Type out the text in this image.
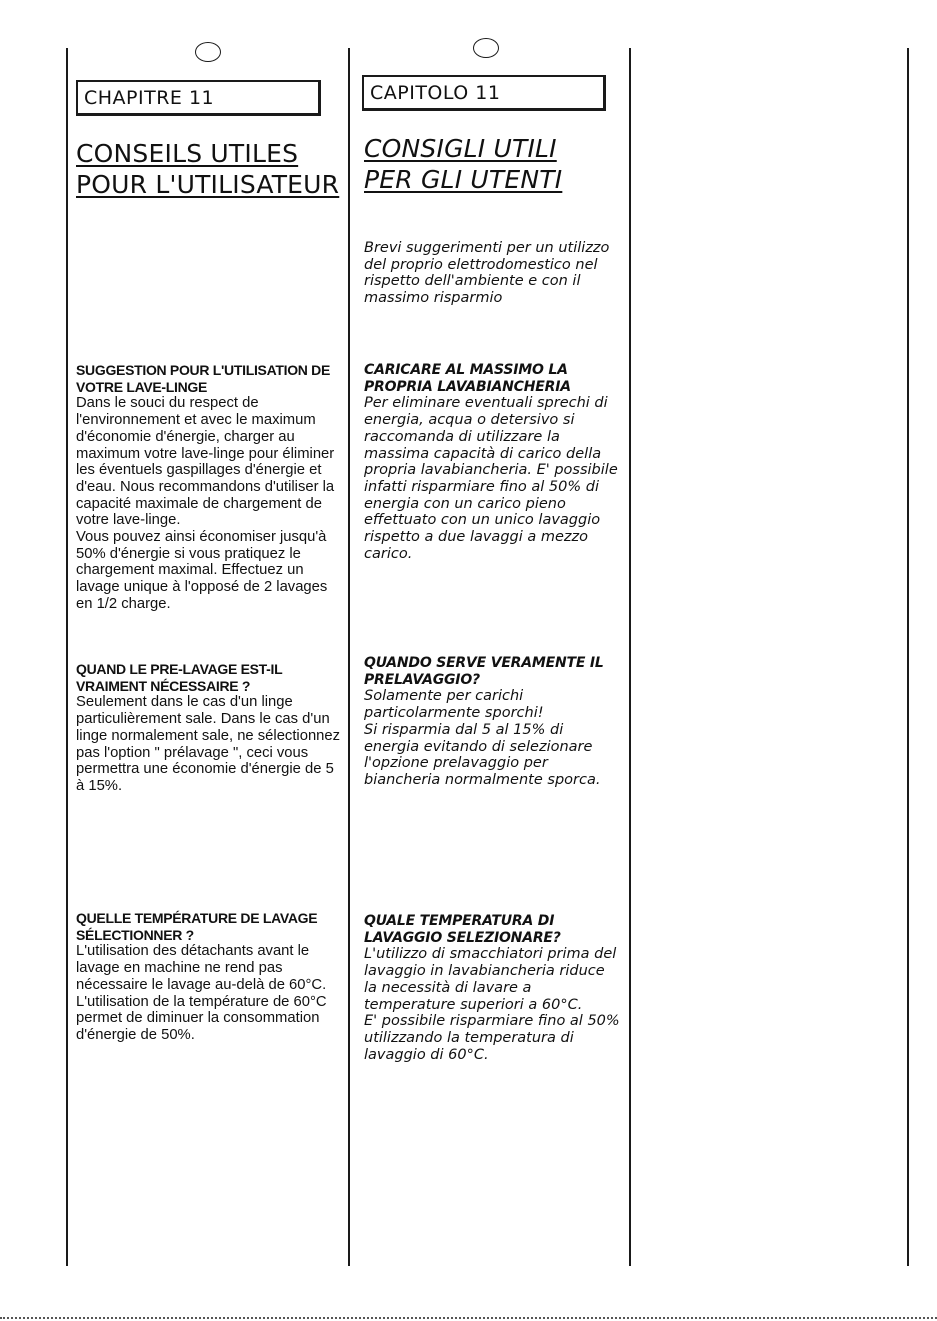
CHAPITRE 11
CONSEILS UTILES
POUR L'UTILISATEUR
SUGGESTION POUR L'UTILISATION DE
VOTRE LAVE-LINGE

Dans le souci du respect de l'environnement et avec le maximum d'économie d'énergie, charger au maximum votre lave-linge pour éliminer les éventuels gaspillages d'énergie et d'eau. Nous recommandons d'utiliser la capacité maximale de chargement de votre lave-linge.

Vous pouvez ainsi économiser jusqu'à 50% d'énergie si vous pratiquez le chargement maximal. Effectuez un lavage unique à l'opposé de 2 lavages en 1/2 charge.

QUAND LE PRE-LAVAGE EST-IL
VRAIMENT NÉCESSAIRE ?

Seulement dans le cas d'un linge particulièrement sale. Dans le cas d'un linge normalement sale, ne sélectionnez pas l'option " prélavage ", ceci vous permettra une économie d'énergie de 5 à 15%.

QUELLE TEMPÉRATURE DE LAVAGE
SÉLECTIONNER ?

L'utilisation des détachants avant le lavage en machine ne rend pas nécessaire le lavage au-delà de 60°C. L'utilisation de la température de 60°C permet de diminuer la consommation d'énergie de 50%.

CAPITOLO 11
CONSIGLI UTILI
PER GLI UTENTI

Brevi suggerimenti per un utilizzo del proprio elettrodomestico nel rispetto dell'ambiente e con il massimo risparmio

CARICARE AL MASSIMO LA
PROPRIA LAVABIANCHERIA

Per eliminare eventuali sprechi di energia, acqua o detersivo si raccomanda di utilizzare la massima capacità di carico della propria lavabiancheria. E' possibile infatti risparmiare fino al 50% di energia con un carico pieno effettuato con un unico lavaggio rispetto a due lavaggi a mezzo carico.

QUANDO SERVE VERAMENTE IL
PRELAVAGGIO?

Solamente per carichi particolarmente sporchi!

Si risparmia dal 5 al 15% di energia evitando di selezionare l'opzione prelavaggio per biancheria normalmente sporca.

QUALE TEMPERATURA DI
LAVAGGIO SELEZIONARE?

L'utilizzo di smacchiatori prima del lavaggio in lavabiancheria riduce la necessità di lavare a temperature superiori a 60°C.

E' possibile risparmiare fino al 50% utilizzando la temperatura di lavaggio di 60°C.
